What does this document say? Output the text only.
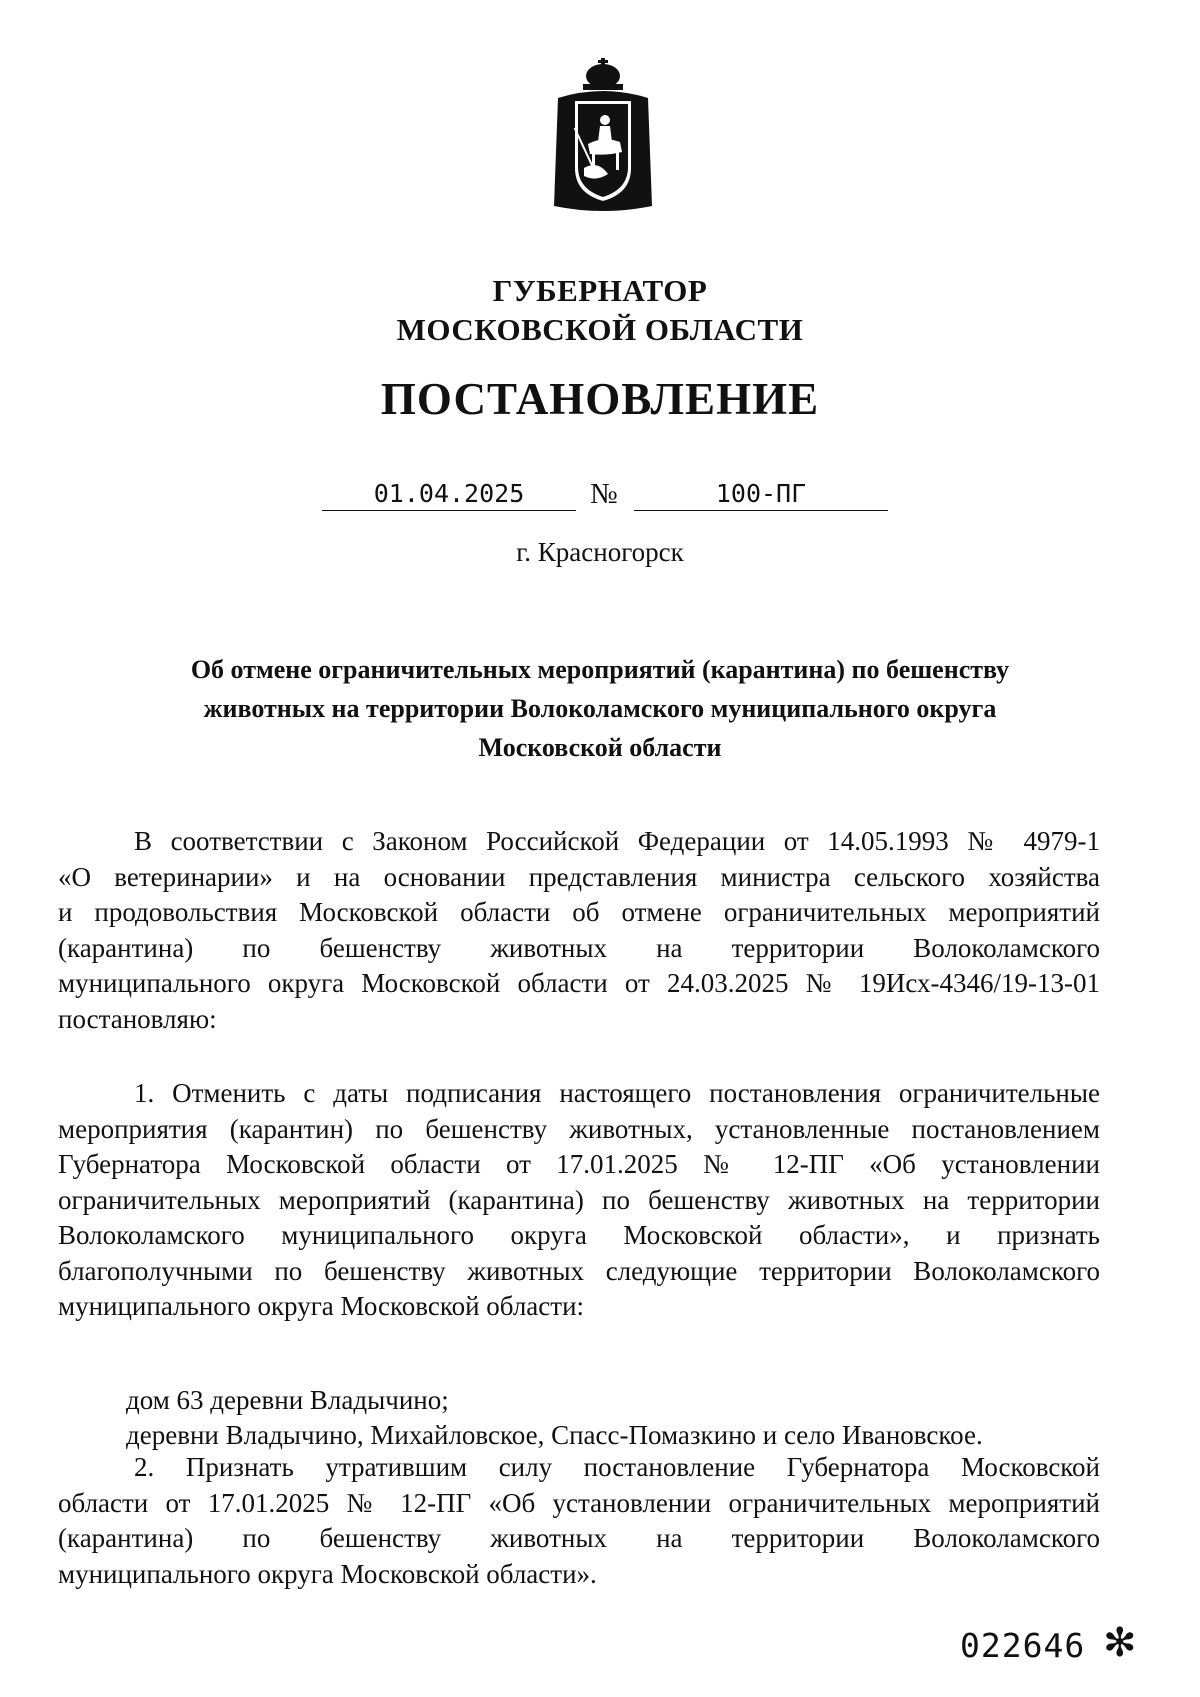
ГУБЕРНАТОР
МОСКОВСКОЙ ОБЛАСТИ
ПОСТАНОВЛЕНИЕ
01.04.2025	№	100-ПГ
г. Красногорск
Об отмене ограничительных мероприятий (карантина) по бешенству
животных на территории Волоколамского муниципального округа
Московской области
В соответствии с Законом Российской Федерации от 14.05.1993 № 4979-1
«О ветеринарии» и на основании представления министра сельского хозяйства
и продовольствия Московской области об отмене ограничительных мероприятий
(карантина) по бешенству животных на территории Волоколамского
муниципального округа Московской области от 24.03.2025 № 19Исх-4346/19-13-01
постановляю:
1. Отменить с даты подписания настоящего постановления ограничительные
мероприятия (карантин) по бешенству животных, установленные постановлением
Губернатора Московской области от 17.01.2025 № 12-ПГ «Об установлении
ограничительных мероприятий (карантина) по бешенству животных на территории
Волоколамского муниципального округа Московской области», и признать
благополучными по бешенству животных следующие территории Волоколамского
муниципального округа Московской области:
дом 63 деревни Владычино;
деревни Владычино, Михайловское, Спасс-Помазкино и село Ивановское.
2. Признать утратившим силу постановление Губернатора Московской
области от 17.01.2025 № 12-ПГ «Об установлении ограничительных мероприятий
(карантина) по бешенству животных на территории Волоколамского
муниципального округа Московской области».
022646 ✻
